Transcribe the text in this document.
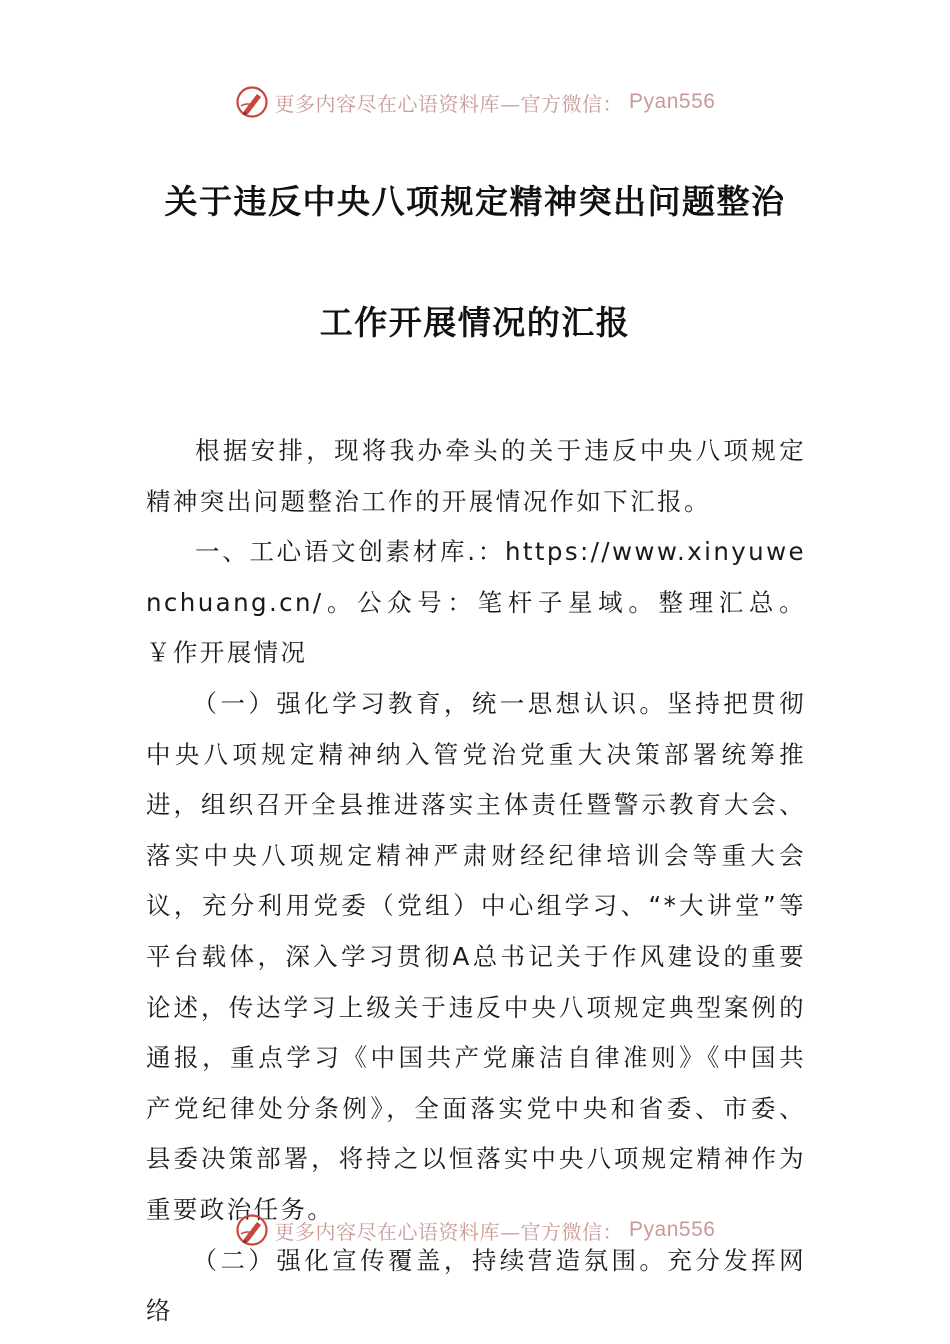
更多内容尽在心语资料库—官方微信： Pyan556
关于违反中央八项规定精神突出问题整治
工作开展情况的汇报

根据安排，现将我办牵头的关于违反中央八项规定精神突出问题整治工作的开展情况作如下汇报。

一、工心语文创素材库.：https://www.xinyuwenchuang.cn/。公众号：笔杆子星域。整理汇总。￥作开展情况

（一）强化学习教育，统一思想认识。坚持把贯彻中央八项规定精神纳入管党治党重大决策部署统筹推进，组织召开全县推进落实主体责任暨警示教育大会、落实中央八项规定精神严肃财经纪律培训会等重大会议，充分利用党委（党组）中心组学习、“*大讲堂”等平台载体，深入学习贯彻A总书记关于作风建设的重要论述，传达学习上级关于违反中央八项规定典型案例的通报，重点学习《中国共产党廉洁自律准则》《中国共产党纪律处分条例》，全面落实党中央和省委、市委、县委决策部署，将持之以恒落实中央八项规定精神作为重要政治任务。

（二）强化宣传覆盖，持续营造氛围。充分发挥网络

更多内容尽在心语资料库—官方微信： Pyan556
